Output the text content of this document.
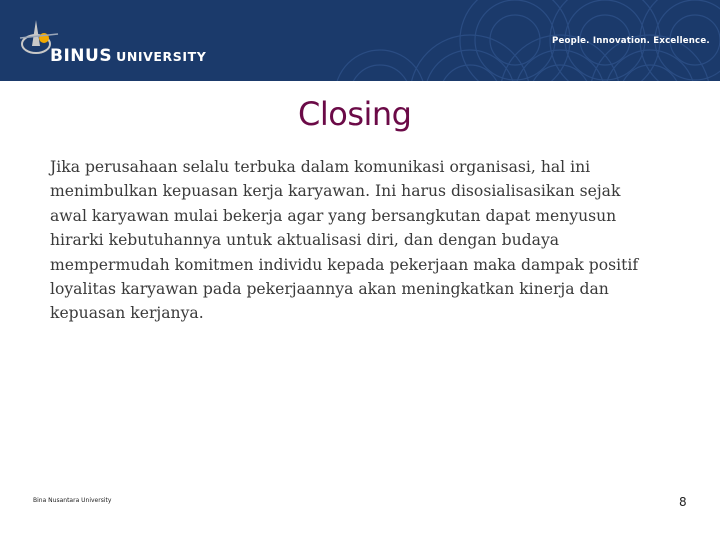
BINUS UNIVERSITY
People. Innovation. Excellence.
Closing

Jika perusahaan selalu terbuka dalam komunikasi organisasi, hal ini menimbulkan kepuasan kerja karyawan. Ini harus disosialisasikan sejak awal karyawan mulai bekerja agar yang bersangkutan dapat menyusun hirarki kebutuhannya untuk aktualisasi diri, dan dengan budaya mempermudah komitmen individu kepada pekerjaan maka dampak positif loyalitas karyawan pada pekerjaannya akan meningkatkan kinerja dan kepuasan kerjanya.

Bina Nusantara University	8
